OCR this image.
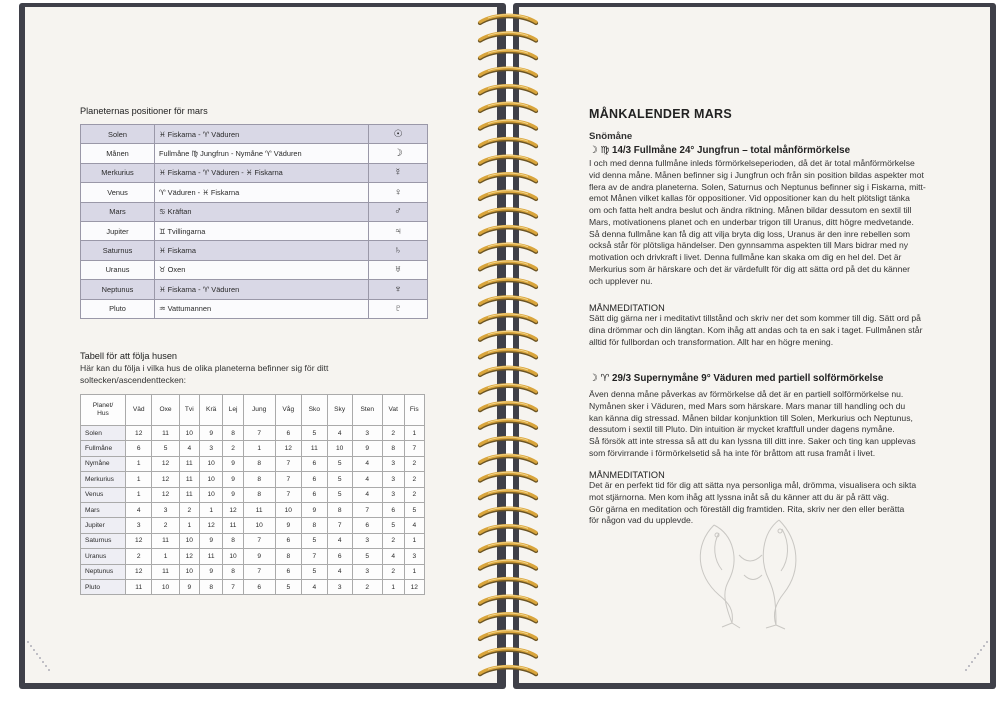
Planeternas positioner för mars
Solen	♓ Fiskarna - ♈ Väduren	☉
Månen	Fullmåne ♍ Jungfrun - Nymåne ♈ Väduren	☽
Merkurius	♓ Fiskarna - ♈ Väduren - ♓ Fiskarna	☿
Venus	♈ Väduren - ♓ Fiskarna	♀
Mars	♋ Kräftan	♂
Jupiter	♊ Tvillingarna	♃
Saturnus	♓ Fiskarna	♄
Uranus	♉ Oxen	♅
Neptunus	♓ Fiskarna - ♈ Väduren	♆
Pluto	♒ Vattumannen	♇
Tabell för att följa husen
Här kan du följa i vilka hus de olika planeterna befinner sig för ditt soltecken/ascendenttecken:
Planet/
Hus	Väd	Oxe	Tvi	Krä	Lej	Jung	Våg	Sko	Sky	Sten	Vat	Fis
Solen	12	11	10	9	8	7	6	5	4	3	2	1
Fullmåne	6	5	4	3	2	1	12	11	10	9	8	7
Nymåne	1	12	11	10	9	8	7	6	5	4	3	2
Merkurius	1	12	11	10	9	8	7	6	5	4	3	2
Venus	1	12	11	10	9	8	7	6	5	4	3	2
Mars	4	3	2	1	12	11	10	9	8	7	6	5
Jupiter	3	2	1	12	11	10	9	8	7	6	5	4
Saturnus	12	11	10	9	8	7	6	5	4	3	2	1
Uranus	2	1	12	11	10	9	8	7	6	5	4	3
Neptunus	12	11	10	9	8	7	6	5	4	3	2	1
Pluto	11	10	9	8	7	6	5	4	3	2	1	12
MÅNKALENDER MARS
Snömåne
☽ ♍ 14/3 Fullmåne 24° Jungfrun – total månförmörkelse
I och med denna fullmåne inleds förmörkelseperioden, då det är total månförmörkelse
vid denna måne. Månen befinner sig i Jungfrun och från sin position bildas aspekter mot
flera av de andra planeterna. Solen, Saturnus och Neptunus befinner sig i Fiskarna, mitt-
emot Månen vilket kallas för oppositioner. Vid oppositioner kan du helt plötsligt tänka
om och fatta helt andra beslut och ändra riktning. Månen bildar dessutom en sextil till
Mars, motivationens planet och en underbar trigon till Uranus, ditt högre medvetande.
Så denna fullmåne kan få dig att vilja bryta dig loss, Uranus är den inre rebellen som
också står för plötsliga händelser. Den gynnsamma aspekten till Mars bidrar med ny
motivation och drivkraft i livet. Denna fullmåne kan skaka om dig en hel del. Det är
Merkurius som är härskare och det är värdefullt för dig att sätta ord på det du känner
och upplever nu.
MÅNMEDITATION
Sätt dig gärna ner i meditativt tillstånd och skriv ner det som kommer till dig. Sätt ord på
dina drömmar och din längtan. Kom ihåg att andas och ta en sak i taget. Fullmånen står
alltid för fullbordan och transformation. Allt har en högre mening.
☽ ♈ 29/3 Supernymåne 9° Väduren med partiell solförmörkelse
Även denna måne påverkas av förmörkelse då det är en partiell solförmörkelse nu.
Nymånen sker i Väduren, med Mars som härskare. Mars manar till handling och du
kan känna dig stressad. Månen bildar konjunktion till Solen, Merkurius och Neptunus,
dessutom i sextil till Pluto. Din intuition är mycket kraftfull under dagens nymåne.
Så försök att inte stressa så att du kan lyssna till ditt inre. Saker och ting kan upplevas
som förvirrande i förmörkelsetid så ha inte för bråttom att rusa framåt i livet.
MÅNMEDITATION
Det är en perfekt tid för dig att sätta nya personliga mål, drömma, visualisera och sikta
mot stjärnorna. Men kom ihåg att lyssna inåt så du känner att du är på rätt väg.
Gör gärna en meditation och föreställ dig framtiden. Rita, skriv ner den eller berätta
för någon vad du upplevde.
